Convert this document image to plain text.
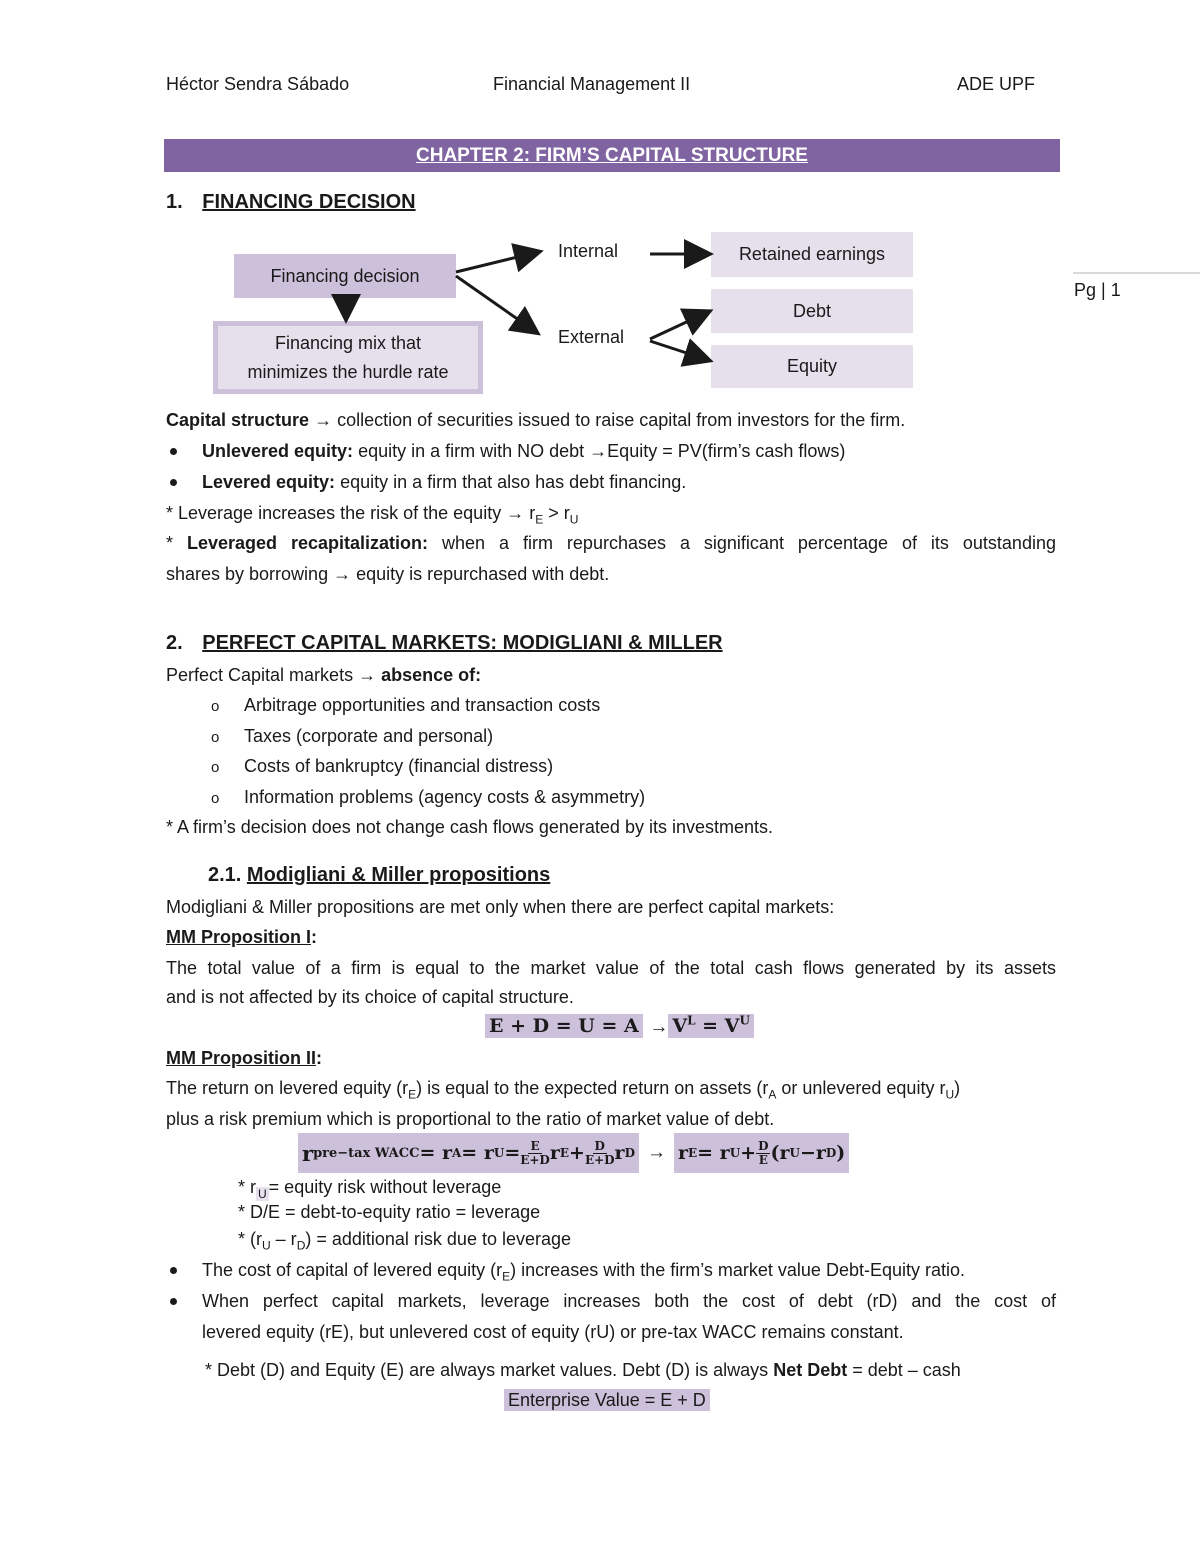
Héctor Sendra Sábado	Financial Management II	ADE UPF
Pg | 1
CHAPTER 2: FIRM’S CAPITAL STRUCTURE
1. FINANCING DECISION
Financing decision
Financing mix that
minimizes the hurdle rate
Internal
External
Retained earnings
Debt
Equity
Capital structure → collection of securities issued to raise capital from investors for the firm.
Unlevered equity: equity in a firm with NO debt →Equity = PV(firm’s cash flows)
Levered equity: equity in a firm that also has debt financing.
* Leverage increases the risk of the equity → $r_E > r_U$
* Leveraged recapitalization: when a firm repurchases a significant percentage of its outstanding
shares by borrowing → equity is repurchased with debt.
2. PERFECT CAPITAL MARKETS: MODIGLIANI & MILLER
Perfect Capital markets → absence of:
o Arbitrage opportunities and transaction costs
o Taxes (corporate and personal)
o Costs of bankruptcy (financial distress)
o Information problems (agency costs & asymmetry)
* A firm’s decision does not change cash flows generated by its investments.
2.1. Modigliani & Miller propositions
Modigliani & Miller propositions are met only when there are perfect capital markets:
MM Proposition I:
The total value of a firm is equal to the market value of the total cash flows generated by its assets
and is not affected by its choice of capital structure.
$E + D = U = A \to V^L = V^U$
MM Proposition II:
The return on levered equity $(r_E)$ is equal to the expected return on assets ($r_A$ or unlevered equity $r_U$)
plus a risk premium which is proportional to the ratio of market value of debt.
r pre−tax WACC = r A = r $U = \frac{E}{E+D}$ r $E + \frac{D}{E+D}$ r D → r E = r $U + \frac{D}{E} (r$ U −r D )
* r $_U$ = equity risk without leverage
* D/E = debt-to-equity ratio = leverage
* $(r_U - r_D)$ = additional risk due to leverage
The cost of capital of levered equity $(r_E)$ increases with the firm’s market value Debt-Equity ratio.
When perfect capital markets, leverage increases both the cost of debt (rD) and the cost of
levered equity (rE), but unlevered cost of equity (rU) or pre-tax WACC remains constant.
* Debt (D) and Equity (E) are always market values. Debt (D) is always Net Debt = debt – cash
Enterprise Value = E + D
